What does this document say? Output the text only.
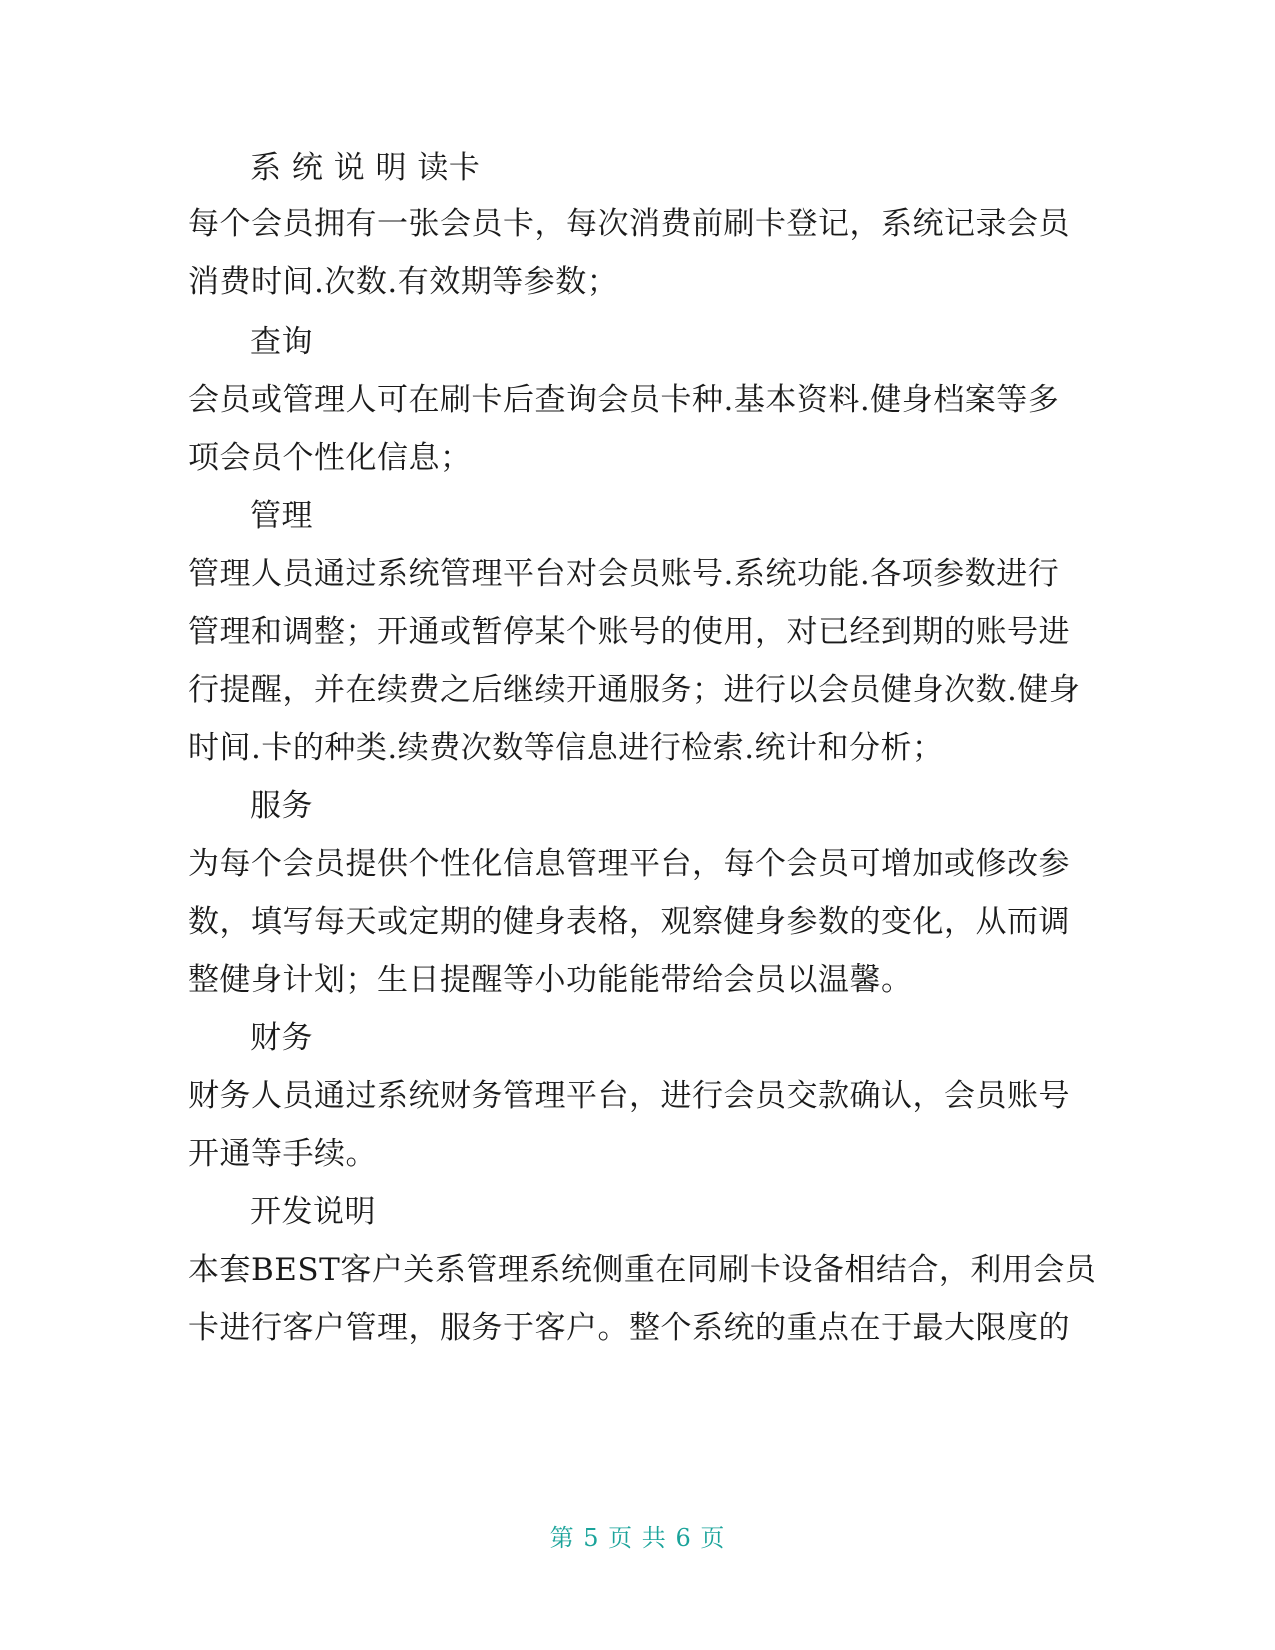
系 统 说 明 读卡
每个会员拥有一张会员卡，每次消费前刷卡登记，系统记录会员
消费时间.次数.有效期等参数；
查询
会员或管理人可在刷卡后查询会员卡种.基本资料.健身档案等多
项会员个性化信息；
管理
管理人员通过系统管理平台对会员账号.系统功能.各项参数进行
管理和调整；开通或暂停某个账号的使用，对已经到期的账号进
行提醒，并在续费之后继续开通服务；进行以会员健身次数.健身
时间.卡的种类.续费次数等信息进行检索.统计和分析；
服务
为每个会员提供个性化信息管理平台，每个会员可增加或修改参
数，填写每天或定期的健身表格，观察健身参数的变化，从而调
整健身计划；生日提醒等小功能能带给会员以温馨。
财务
财务人员通过系统财务管理平台，进行会员交款确认，会员账号
开通等手续。
开发说明
本套BEST客户关系管理系统侧重在同刷卡设备相结合，利用会员
卡进行客户管理，服务于客户。整个系统的重点在于最大限度的
第 5 页 共 6 页
